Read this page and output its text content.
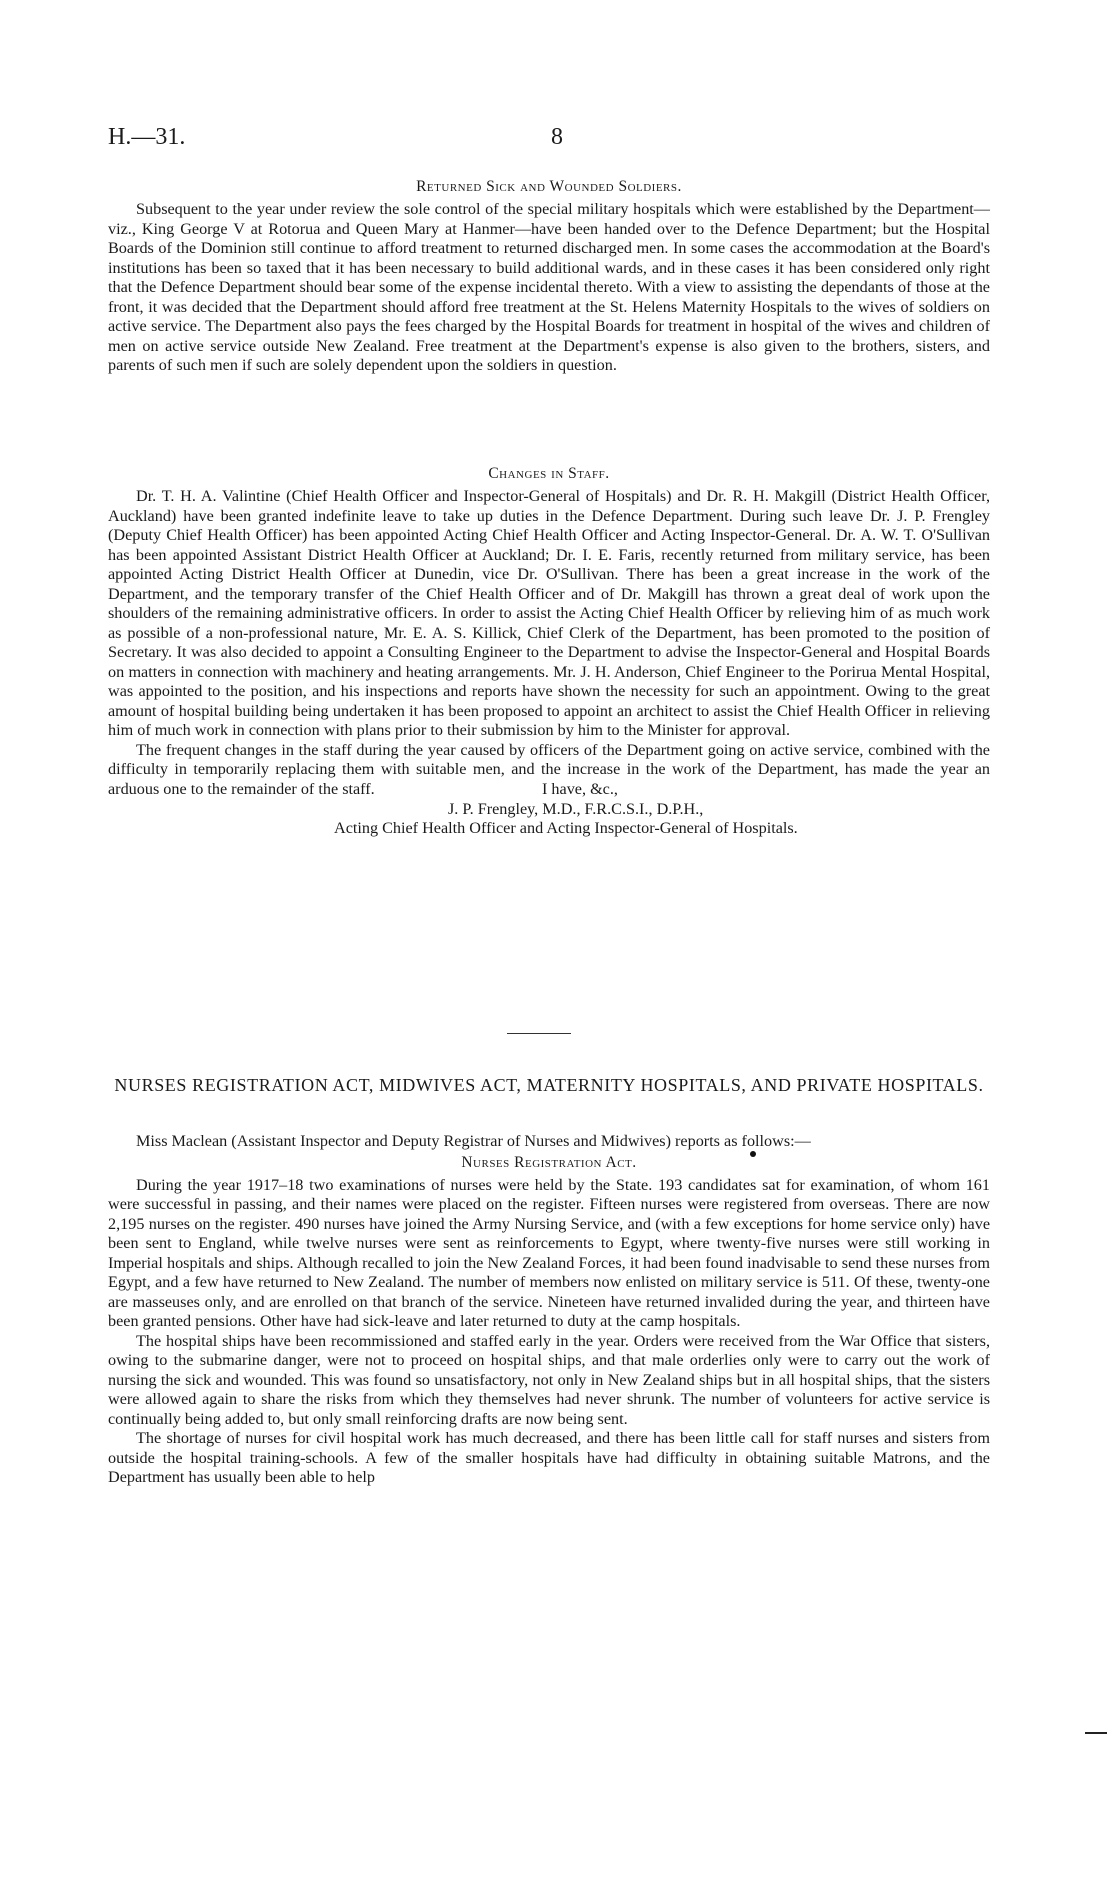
H.—31.	8
Returned Sick and Wounded Soldiers.

Subsequent to the year under review the sole control of the special military hospitals which were established by the Department—viz., King George V at Rotorua and Queen Mary at Hanmer—have been handed over to the Defence Department; but the Hospital Boards of the Dominion still continue to afford treatment to returned discharged men. In some cases the accommodation at the Board's institutions has been so taxed that it has been necessary to build additional wards, and in these cases it has been considered only right that the Defence Department should bear some of the expense incidental thereto. With a view to assisting the dependants of those at the front, it was decided that the Department should afford free treatment at the St. Helens Maternity Hospitals to the wives of soldiers on active service. The Department also pays the fees charged by the Hospital Boards for treatment in hospital of the wives and children of men on active service outside New Zealand. Free treatment at the Department's expense is also given to the brothers, sisters, and parents of such men if such are solely dependent upon the soldiers in question.

Changes in Staff.

Dr. T. H. A. Valintine (Chief Health Officer and Inspector-General of Hospitals) and Dr. R. H. Makgill (District Health Officer, Auckland) have been granted indefinite leave to take up duties in the Defence Department. During such leave Dr. J. P. Frengley (Deputy Chief Health Officer) has been appointed Acting Chief Health Officer and Acting Inspector-General. Dr. A. W. T. O'Sullivan has been appointed Assistant District Health Officer at Auckland; Dr. I. E. Faris, recently returned from military service, has been appointed Acting District Health Officer at Dunedin, vice Dr. O'Sullivan. There has been a great increase in the work of the Department, and the temporary transfer of the Chief Health Officer and of Dr. Makgill has thrown a great deal of work upon the shoulders of the remaining administrative officers. In order to assist the Acting Chief Health Officer by relieving him of as much work as possible of a non-professional nature, Mr. E. A. S. Killick, Chief Clerk of the Department, has been promoted to the position of Secretary. It was also decided to appoint a Consulting Engineer to the Department to advise the Inspector-General and Hospital Boards on matters in connection with machinery and heating arrangements. Mr. J. H. Anderson, Chief Engineer to the Porirua Mental Hospital, was appointed to the position, and his inspections and reports have shown the necessity for such an appointment. Owing to the great amount of hospital building being undertaken it has been proposed to appoint an architect to assist the Chief Health Officer in relieving him of much work in connection with plans prior to their submission by him to the Minister for approval.

The frequent changes in the staff during the year caused by officers of the Department going on active service, combined with the difficulty in temporarily replacing them with suitable men, and the increase in the work of the Department, has made the year an arduous one to the remainder of the staff.	I have, &c.,
J. P. Frengley, M.D., F.R.C.S.I., D.P.H.,
Acting Chief Health Officer and Acting Inspector-General of Hospitals.
NURSES REGISTRATION ACT, MIDWIVES ACT, MATERNITY HOSPITALS, AND PRIVATE HOSPITALS.

Miss Maclean (Assistant Inspector and Deputy Registrar of Nurses and Midwives) reports as follows:—

Nurses Registration Act.

During the year 1917–18 two examinations of nurses were held by the State. 193 candidates sat for examination, of whom 161 were successful in passing, and their names were placed on the register. Fifteen nurses were registered from overseas. There are now 2,195 nurses on the register. 490 nurses have joined the Army Nursing Service, and (with a few exceptions for home service only) have been sent to England, while twelve nurses were sent as reinforcements to Egypt, where twenty-five nurses were still working in Imperial hospitals and ships. Although recalled to join the New Zealand Forces, it had been found inadvisable to send these nurses from Egypt, and a few have returned to New Zealand. The number of members now enlisted on military service is 511. Of these, twenty-one are masseuses only, and are enrolled on that branch of the service. Nineteen have returned invalided during the year, and thirteen have been granted pensions. Other have had sick-leave and later returned to duty at the camp hospitals.

The hospital ships have been recommissioned and staffed early in the year. Orders were received from the War Office that sisters, owing to the submarine danger, were not to proceed on hospital ships, and that male orderlies only were to carry out the work of nursing the sick and wounded. This was found so unsatisfactory, not only in New Zealand ships but in all hospital ships, that the sisters were allowed again to share the risks from which they themselves had never shrunk. The number of volunteers for active service is continually being added to, but only small reinforcing drafts are now being sent.

The shortage of nurses for civil hospital work has much decreased, and there has been little call for staff nurses and sisters from outside the hospital training-schools. A few of the smaller hospitals have had difficulty in obtaining suitable Matrons, and the Department has usually been able to help
